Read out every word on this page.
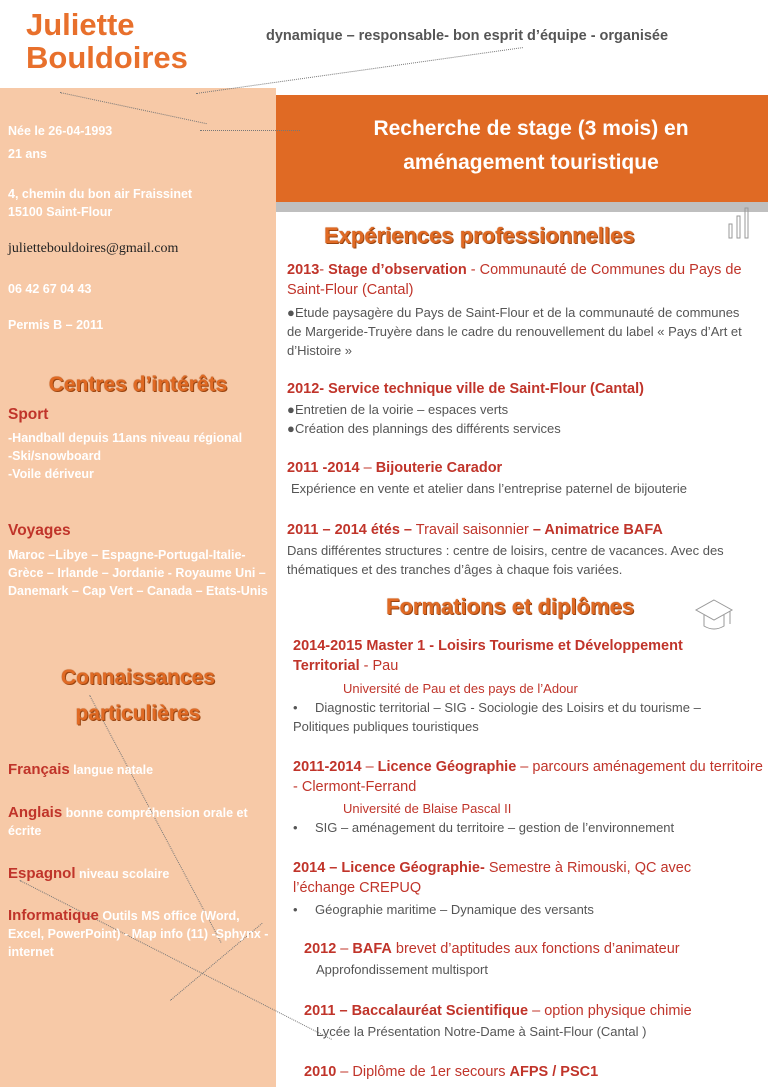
Juliette
Bouldoires
dynamique – responsable- bon esprit d’équipe - organisée
Née le 26-04-1993
21 ans
4, chemin du bon air Fraissinet
15100 Saint-Flour
juliettebouldoires@gmail.com
06 42 67 04 43
Permis B – 2011
Centres d’intérêts
Sport
-Handball depuis 11ans niveau régional
-Ski/snowboard
-Voile dériveur
Voyages
Maroc –Libye – Espagne-Portugal-Italie-Grèce – Irlande – Jordanie - Royaume Uni – Danemark – Cap Vert – Canada – Etats-Unis
Connaissances
particulières
Français langue natale
Anglais bonne compréhension orale et écrite
Espagnol niveau scolaire
Informatique Outils MS office (Word, Excel, PowerPoint) - Map info (11) -Sphynx - internet
Recherche de stage (3 mois) en
aménagement touristique
Expériences professionnelles
2013- Stage d’observation - Communauté de Communes du Pays de Saint-Flour (Cantal)
●Etude paysagère du Pays de Saint-Flour et de la communauté de communes de Margeride-Truyère dans le cadre du renouvellement du label « Pays d’Art et d’Histoire »
2012- Service technique ville de Saint-Flour (Cantal)
●Entretien de la voirie – espaces verts
●Création des plannings des différents services
2011 -2014 – Bijouterie Carador
Expérience en vente et atelier dans l’entreprise paternel de bijouterie
2011 – 2014 étés – Travail saisonnier – Animatrice BAFA
Dans différentes structures : centre de loisirs, centre de vacances. Avec des thématiques et des tranches d’âges à chaque fois variées.
Formations et diplômes
2014-2015 Master 1 - Loisirs Tourisme et Développement Territorial - Pau
Université de Pau et des pays de l’Adour
• Diagnostic territorial – SIG - Sociologie des Loisirs et du tourisme – Politiques publiques touristiques
2011-2014 – Licence Géographie – parcours aménagement du territoire - Clermont-Ferrand
Université de Blaise Pascal II
• SIG – aménagement du territoire – gestion de l’environnement
2014 – Licence Géographie- Semestre à Rimouski, QC avec l’échange CREPUQ
• Géographie maritime – Dynamique des versants
2012 – BAFA brevet d’aptitudes aux fonctions d’animateur
Approfondissement multisport
2011 – Baccalauréat Scientifique – option physique chimie
Lycée la Présentation Notre-Dame à Saint-Flour (Cantal )
2010 – Diplôme de 1er secours AFPS / PSC1
